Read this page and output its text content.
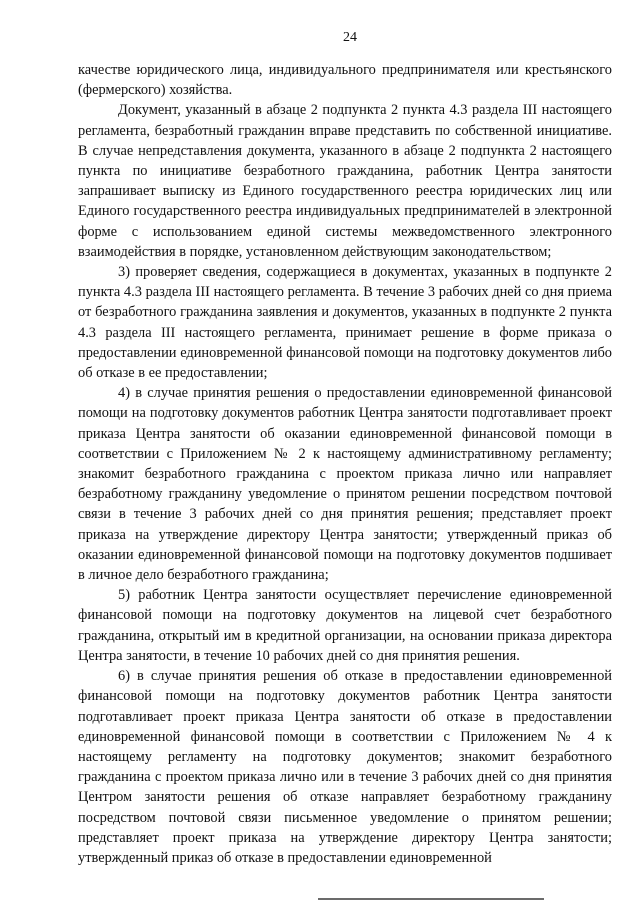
24

качестве юридического лица, индивидуального предпринимателя или крестьянского (фермерского) хозяйства.

Документ, указанный в абзаце 2 подпункта 2 пункта 4.3 раздела III настоящего регламента, безработный гражданин вправе представить по собственной инициативе. В случае непредставления документа, указанного в абзаце 2 подпункта 2 настоящего пункта по инициативе безработного гражданина, работник Центра занятости запрашивает выписку из Единого государственного реестра юридических лиц или Единого государственного реестра индивидуальных предпринимателей в электронной форме с использованием единой системы межведомственного электронного взаимодействия в порядке, установленном действующим законодательством;

3) проверяет сведения, содержащиеся в документах, указанных в подпункте 2 пункта 4.3 раздела III настоящего регламента. В течение 3 рабочих дней со дня приема от безработного гражданина заявления и документов, указанных в подпункте 2 пункта 4.3 раздела III настоящего регламента, принимает решение в форме приказа о предоставлении единовременной финансовой помощи на подготовку документов либо об отказе в ее предоставлении;

4) в случае принятия решения о предоставлении единовременной финансовой помощи на подготовку документов работник Центра занятости подготавливает проект приказа Центра занятости об оказании единовременной финансовой помощи в соответствии с Приложением № 2 к настоящему административному регламенту; знакомит безработного гражданина с проектом приказа лично или направляет безработному гражданину уведомление о принятом решении посредством почтовой связи в течение 3 рабочих дней со дня принятия решения; представляет проект приказа на утверждение директору Центра занятости; утвержденный приказ об оказании единовременной финансовой помощи на подготовку документов подшивает в личное дело безработного гражданина;

5) работник Центра занятости осуществляет перечисление единовременной финансовой помощи на подготовку документов на лицевой счет безработного гражданина, открытый им в кредитной организации, на основании приказа директора Центра занятости, в течение 10 рабочих дней со дня принятия решения.

6) в случае принятия решения об отказе в предоставлении единовременной финансовой помощи на подготовку документов работник Центра занятости подготавливает проект приказа Центра занятости об отказе в предоставлении единовременной финансовой помощи в соответствии с Приложением № 4 к настоящему регламенту на подготовку документов; знакомит безработного гражданина с проектом приказа лично или в течение 3 рабочих дней со дня принятия Центром занятости решения об отказе направляет безработному гражданину посредством почтовой связи письменное уведомление о принятом решении; представляет проект приказа на утверждение директору Центра занятости; утвержденный приказ об отказе в предоставлении единовременной
